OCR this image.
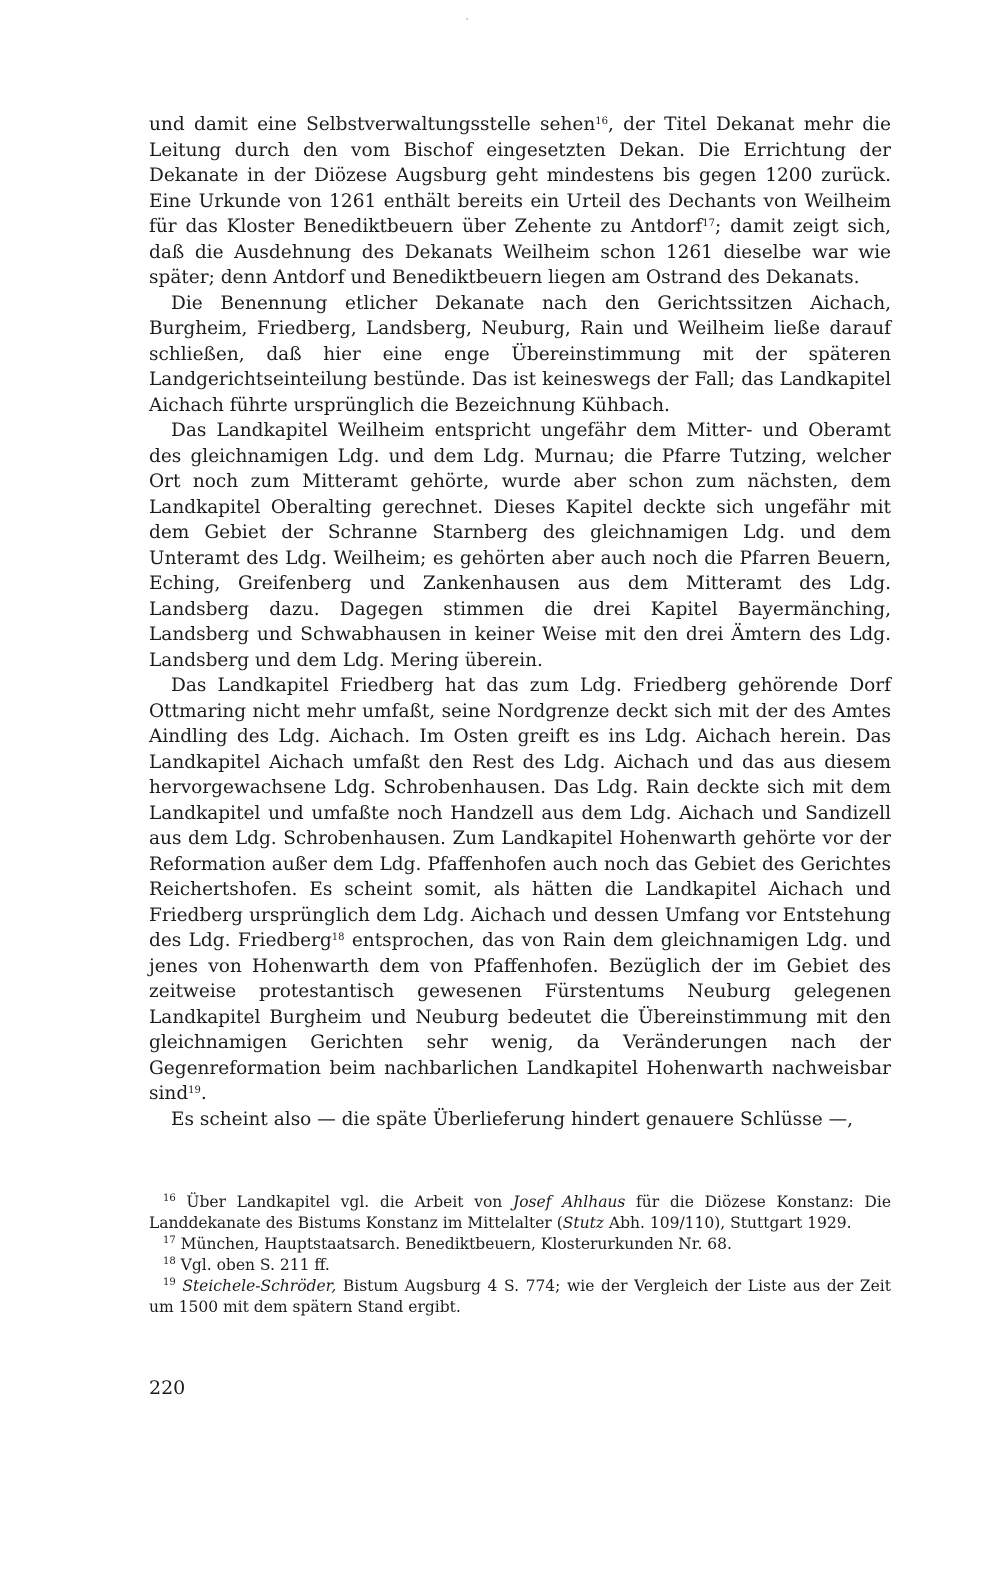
und damit eine Selbstverwaltungsstelle sehen$^{16}$, der Titel Dekanat mehr die Leitung durch den vom Bischof eingesetzten Dekan. Die Errichtung der Dekanate in der Diözese Augsburg geht mindestens bis gegen 1200 zurück. Eine Urkunde von 1261 enthält bereits ein Urteil des Dechants von Weilheim für das Kloster Benediktbeuern über Zehente zu Antdorf$^{17}$; damit zeigt sich, daß die Ausdehnung des Dekanats Weilheim schon 1261 dieselbe war wie später; denn Antdorf und Benediktbeuern liegen am Ostrand des Dekanats.

Die Benennung etlicher Dekanate nach den Gerichtssitzen Aichach, Burgheim, Friedberg, Landsberg, Neuburg, Rain und Weilheim ließe darauf schließen, daß hier eine enge Übereinstimmung mit der späteren Landgerichtseinteilung bestünde. Das ist keineswegs der Fall; das Landkapitel Aichach führte ursprünglich die Bezeichnung Kühbach.

Das Landkapitel Weilheim entspricht ungefähr dem Mitter- und Oberamt des gleichnamigen Ldg. und dem Ldg. Murnau; die Pfarre Tutzing, welcher Ort noch zum Mitteramt gehörte, wurde aber schon zum nächsten, dem Landkapitel Oberalting gerechnet. Dieses Kapitel deckte sich ungefähr mit dem Gebiet der Schranne Starnberg des gleichnamigen Ldg. und dem Unteramt des Ldg. Weilheim; es gehörten aber auch noch die Pfarren Beuern, Eching, Greifenberg und Zankenhausen aus dem Mitteramt des Ldg. Landsberg dazu. Dagegen stimmen die drei Kapitel Bayermänching, Landsberg und Schwabhausen in keiner Weise mit den drei Ämtern des Ldg. Landsberg und dem Ldg. Mering überein.

Das Landkapitel Friedberg hat das zum Ldg. Friedberg gehörende Dorf Ottmaring nicht mehr umfaßt, seine Nordgrenze deckt sich mit der des Amtes Aindling des Ldg. Aichach. Im Osten greift es ins Ldg. Aichach herein. Das Landkapitel Aichach umfaßt den Rest des Ldg. Aichach und das aus diesem hervorgewachsene Ldg. Schrobenhausen. Das Ldg. Rain deckte sich mit dem Landkapitel und umfaßte noch Handzell aus dem Ldg. Aichach und Sandizell aus dem Ldg. Schrobenhausen. Zum Landkapitel Hohenwarth gehörte vor der Reformation außer dem Ldg. Pfaffenhofen auch noch das Gebiet des Gerichtes Reichertshofen. Es scheint somit, als hätten die Landkapitel Aichach und Friedberg ursprünglich dem Ldg. Aichach und dessen Umfang vor Entstehung des Ldg. Friedberg$^{18}$ entsprochen, das von Rain dem gleichnamigen Ldg. und jenes von Hohenwarth dem von Pfaffenhofen. Bezüglich der im Gebiet des zeitweise protestantisch gewesenen Fürstentums Neuburg gelegenen Landkapitel Burgheim und Neuburg bedeutet die Übereinstimmung mit den gleichnamigen Gerichten sehr wenig, da Veränderungen nach der Gegenreformation beim nachbarlichen Landkapitel Hohenwarth nachweisbar sind$^{19}$.

Es scheint also — die späte Überlieferung hindert genauere Schlüsse —,

$^{16}$ Über Landkapitel vgl. die Arbeit von Josef Ahlhaus für die Diözese Konstanz: Die Landdekanate des Bistums Konstanz im Mittelalter (Stutz Abh. 109/110), Stuttgart 1929.

$^{17}$ München, Hauptstaatsarch. Benediktbeuern, Klosterurkunden Nr. 68.

$^{18}$ Vgl. oben S. 211 ff.

$^{19}$ Steichele-Schröder, Bistum Augsburg 4 S. 774; wie der Vergleich der Liste aus der Zeit um 1500 mit dem spätern Stand ergibt.

220
